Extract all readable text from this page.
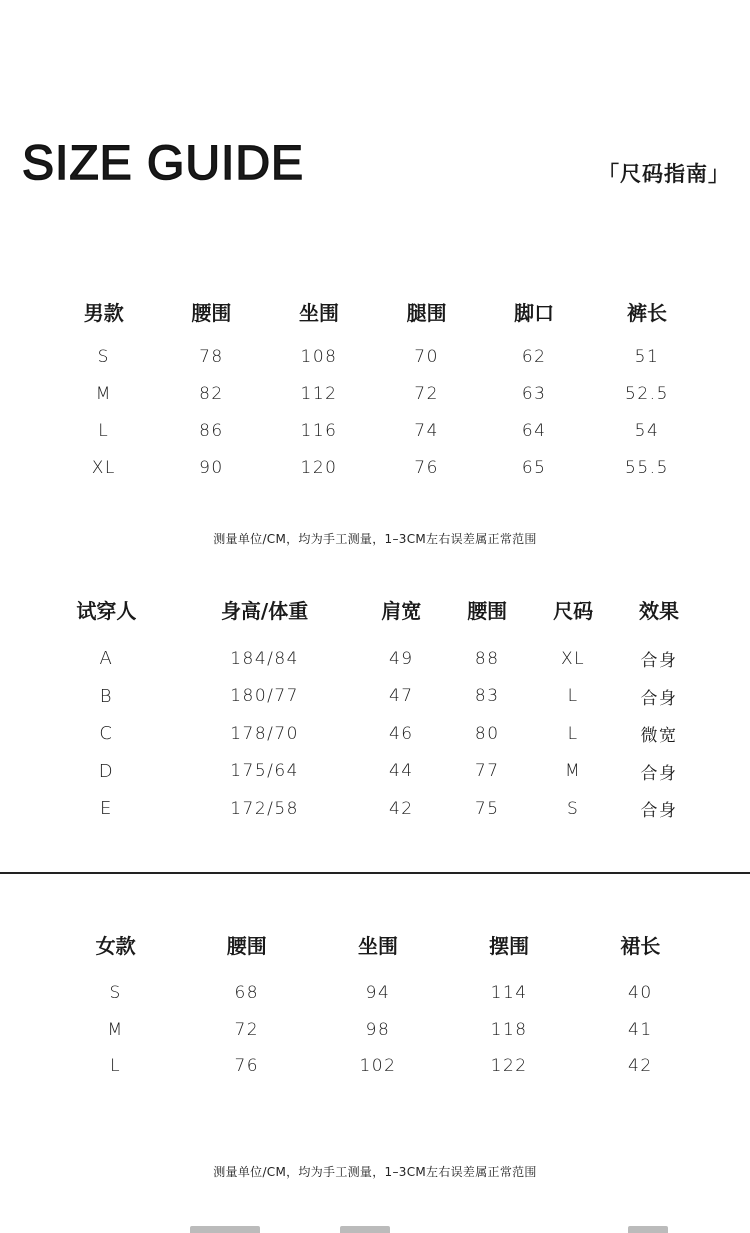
SIZE GUIDE	「尺码指南」
男款	腰围	坐围	腿围	脚口	裤长

S	78	108	70	62	51
M	82	112	72	63	52.5
L	86	116	74	64	54
XL	90	120	76	65	55.5
测量单位/CM，均为手工测量，1–3CM左右误差属正常范围
试穿人	身高/体重	肩宽	腰围	尺码	效果

A	184/84	49	88	XL	合身
B	180/77	47	83	L	合身
C	178/70	46	80	L	微宽
D	175/64	44	77	M	合身
E	172/58	42	75	S	合身
女款	腰围	坐围	摆围	裙长

S	68	94	114	40
M	72	98	118	41
L	76	102	122	42
测量单位/CM，均为手工测量，1–3CM左右误差属正常范围
